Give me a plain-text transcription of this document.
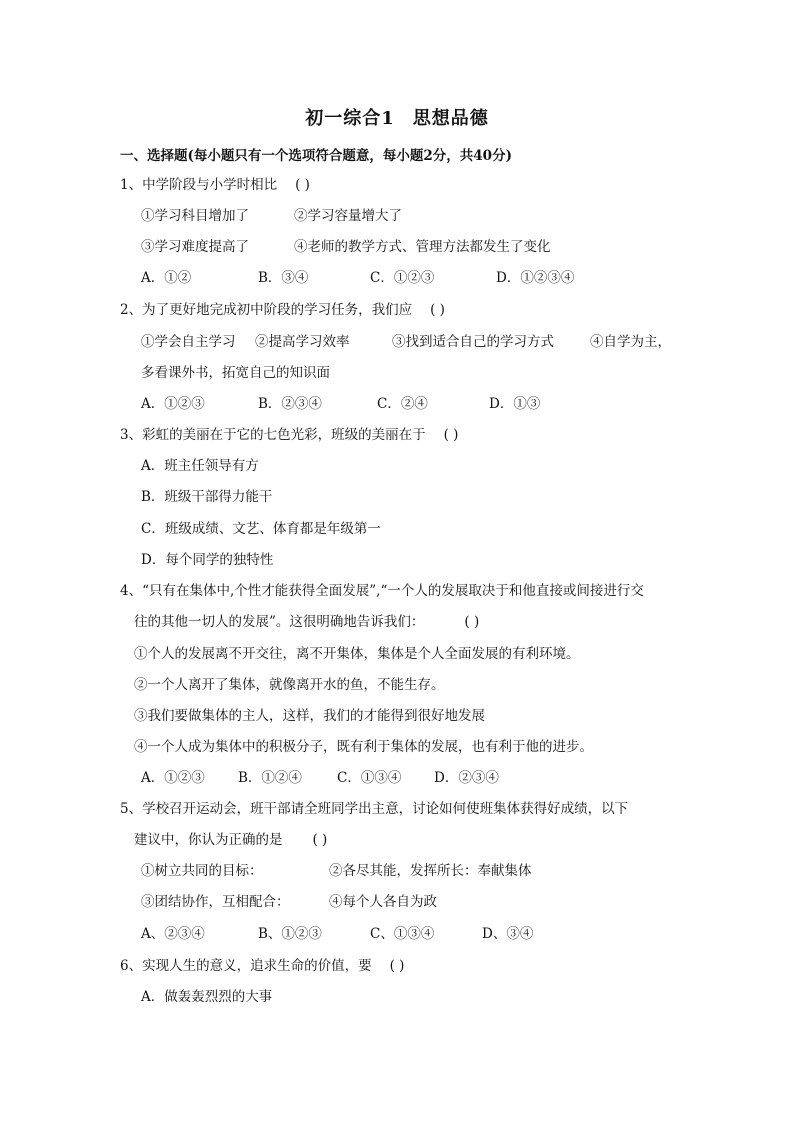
初一综合1 思想品德
一、选择题(每小题只有一个选项符合题意，每小题2分，共40分)
1、中学阶段与小学时相比 ( )
①学习科目增加了	②学习容量增大了
③学习难度提高了	④老师的教学方式、管理方法都发生了变化
A．①②	B．③④	C．①②③	D．①②③④
2、为了更好地完成初中阶段的学习任务，我们应 ( )
①学会自主学习 ②提高学习效率	③找到适合自己的学习方式	④自学为主，
多看课外书，拓宽自己的知识面
A．①②③	B．②③④	C．②④	D．①③
3、彩虹的美丽在于它的七色光彩，班级的美丽在于 ( )
A．班主任领导有方
B．班级干部得力能干
C．班级成绩、文艺、体育都是年级第一
D．每个同学的独特性
4、“只有在集体中,个性才能获得全面发展”,“一个人的发展取决于和他直接或间接进行交
往的其他一切人的发展”。这很明确地告诉我们：	( )
①个人的发展离不开交往，离不开集体，集体是个人全面发展的有利环境。
②一个人离开了集体，就像离开水的鱼，不能生存。
③我们要做集体的主人，这样，我们的才能得到很好地发展
④一个人成为集体中的积极分子，既有利于集体的发展，也有利于他的进步。
A．①②③ B．①②④	C．①③④ D．②③④
5、学校召开运动会，班干部请全班同学出主意，讨论如何使班集体获得好成绩，以下
建议中，你认为正确的是 ( )
①树立共同的目标：	②各尽其能，发挥所长：奉献集体
③团结协作，互相配合：	④每个人各自为政
A、②③④	B、①②③	C、①③④	D、③④
6、实现人生的意义，追求生命的价值，要 ( )
A．做轰轰烈烈的大事
